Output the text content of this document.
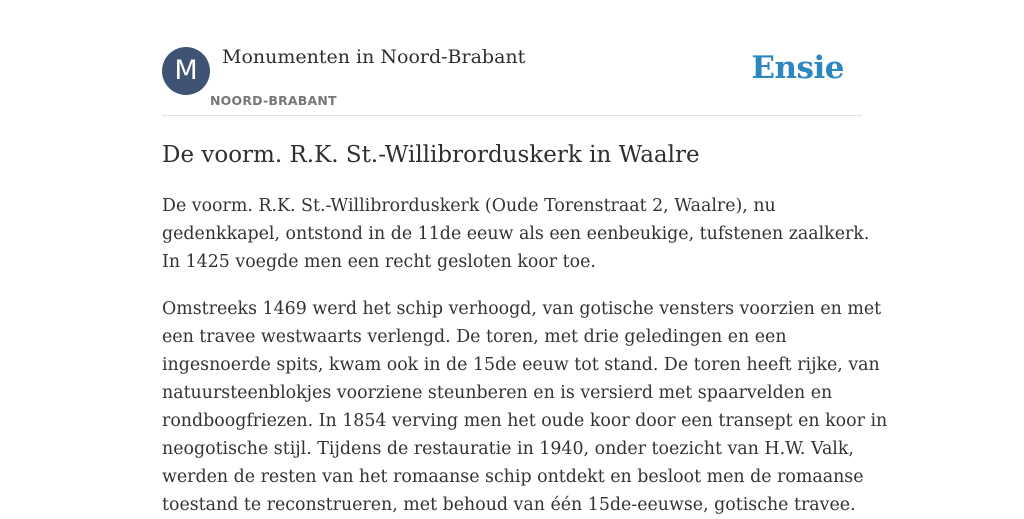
M	Monumenten in Noord-Brabant
NOORD-BRABANT
Ensie
De voorm. R.K. St.-Willibrorduskerk in Waalre

De voorm. R.K. St.-Willibrorduskerk (Oude Torenstraat 2, Waalre), nu
gedenkkapel, ontstond in de 11de eeuw als een eenbeukige, tufstenen zaalkerk.
In 1425 voegde men een recht gesloten koor toe.

Omstreeks 1469 werd het schip verhoogd, van gotische vensters voorzien en met
een travee westwaarts verlengd. De toren, met drie geledingen en een
ingesnoerde spits, kwam ook in de 15de eeuw tot stand. De toren heeft rijke, van
natuursteenblokjes voorziene steunberen en is versierd met spaarvelden en
rondboogfriezen. In 1854 verving men het oude koor door een transept en koor in
neogotische stijl. Tijdens de restauratie in 1940, onder toezicht van H.W. Valk,
werden de resten van het romaanse schip ontdekt en besloot men de romaanse
toestand te reconstrueren, met behoud van één 15de-eeuwse, gotische travee.
